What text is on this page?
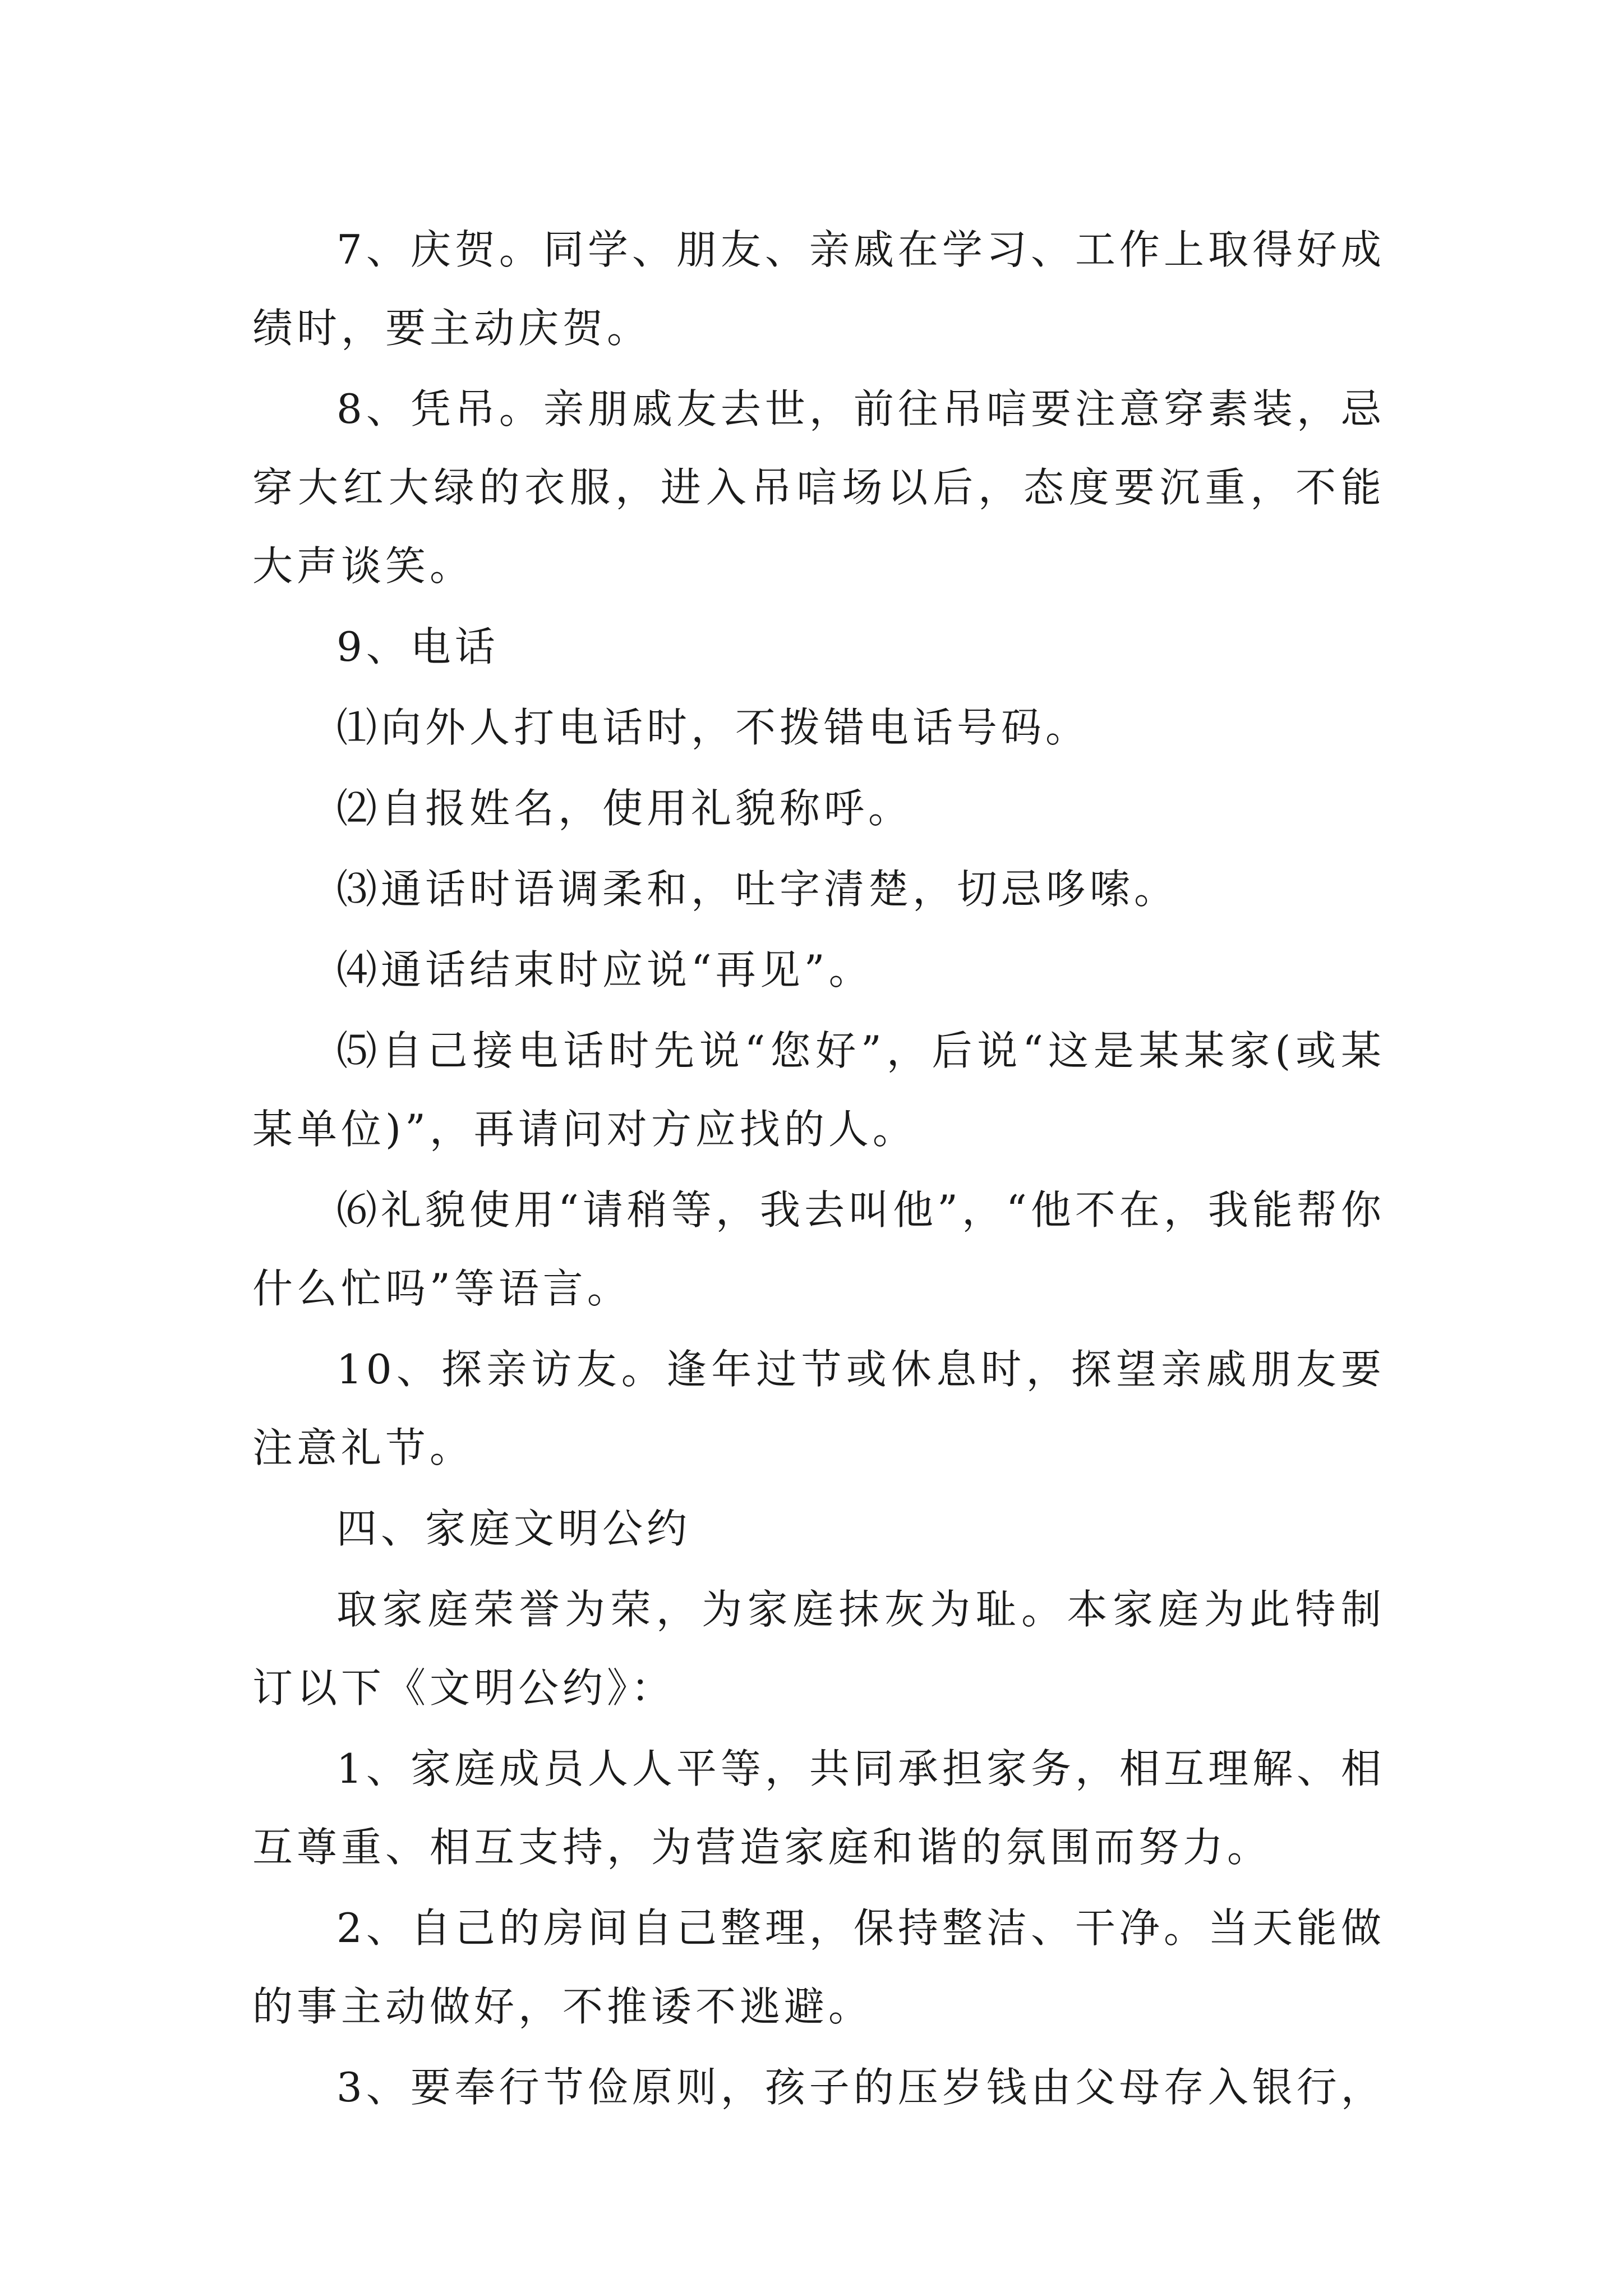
7、庆贺。同学、朋友、亲戚在学习、工作上取得好成绩时，要主动庆贺。

8、凭吊。亲朋戚友去世，前往吊唁要注意穿素装，忌穿大红大绿的衣服，进入吊唁场以后，态度要沉重，不能大声谈笑。

9、电话

⑴向外人打电话时，不拨错电话号码。

⑵自报姓名，使用礼貌称呼。

⑶通话时语调柔和，吐字清楚，切忌哆嗦。

⑷通话结束时应说“再见”。

⑸自己接电话时先说“您好”，后说“这是某某家(或某某单位)”，再请问对方应找的人。

⑹礼貌使用“请稍等，我去叫他”，“他不在，我能帮你什么忙吗”等语言。

10、探亲访友。逢年过节或休息时，探望亲戚朋友要注意礼节。

四、家庭文明公约

取家庭荣誉为荣，为家庭抹灰为耻。本家庭为此特制订以下《文明公约》：

1、家庭成员人人平等，共同承担家务，相互理解、相互尊重、相互支持，为营造家庭和谐的氛围而努力。

2、自己的房间自己整理，保持整洁、干净。当天能做的事主动做好，不推诿不逃避。

3、要奉行节俭原则，孩子的压岁钱由父母存入银行，
